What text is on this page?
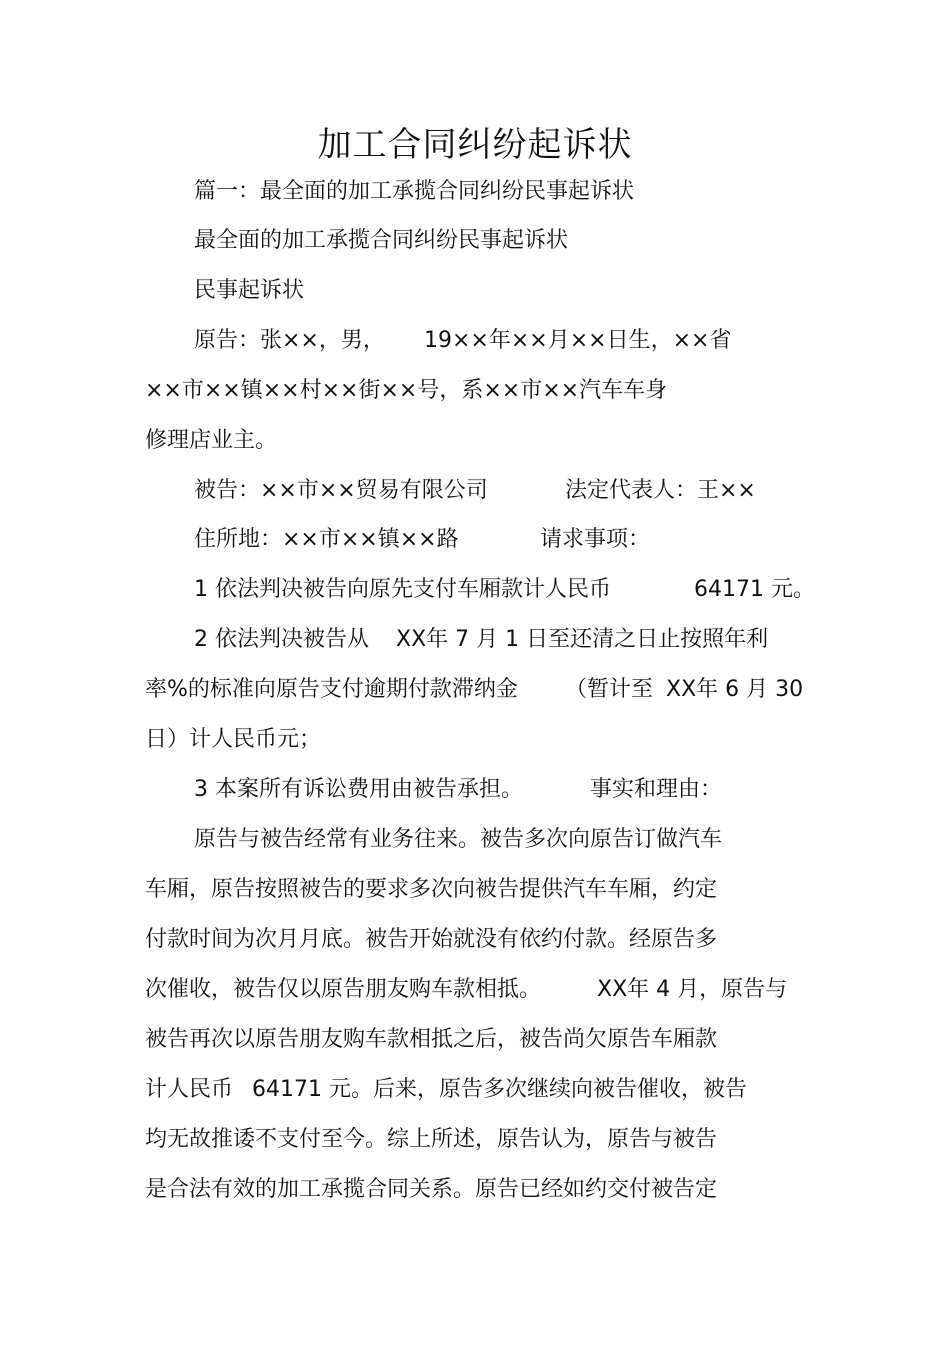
加工合同纠纷起诉状
篇一：最全面的加工承揽合同纠纷民事起诉状
最全面的加工承揽合同纠纷民事起诉状
民事起诉状
原告：张××，男， 19××年××月××日生，××省
××市××镇××村××街××号，系××市××汽车车身
修理店业主。
被告：××市××贸易有限公司	法定代表人：王××
住所地：××市××镇××路	请求事项：
1 依法判决被告向原先支付车厢款计人民币	64171 元。
2 依法判决被告从 XX年 7 月 1 日至还清之日止按照年利
率%的标准向原告支付逾期付款滞纳金 （暂计至 XX年 6 月 30
日）计人民币元；
3 本案所有诉讼费用由被告承担。	事实和理由：
原告与被告经常有业务往来。被告多次向原告订做汽车
车厢，原告按照被告的要求多次向被告提供汽车车厢，约定
付款时间为次月月底。被告开始就没有依约付款。经原告多
次催收，被告仅以原告朋友购车款相抵。	XX年 4 月，原告与
被告再次以原告朋友购车款相抵之后，被告尚欠原告车厢款
计人民币 64171 元。后来，原告多次继续向被告催收，被告
均无故推诿不支付至今。综上所述，原告认为，原告与被告
是合法有效的加工承揽合同关系。原告已经如约交付被告定
